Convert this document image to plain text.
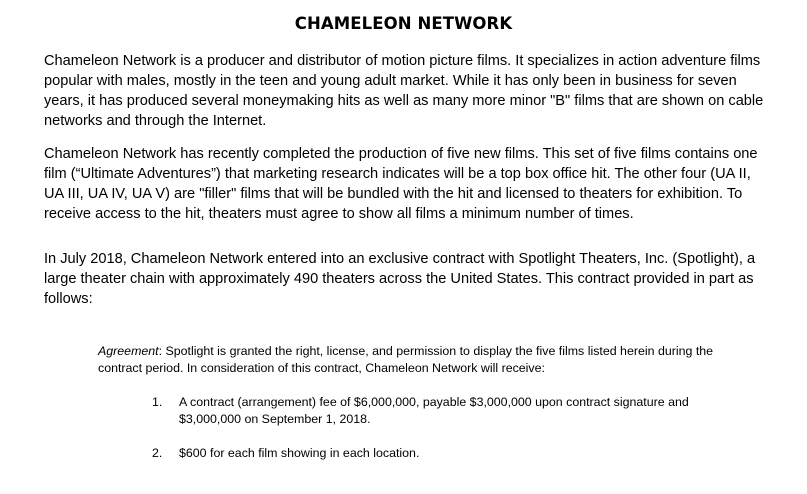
CHAMELEON NETWORK

Chameleon Network is a producer and distributor of motion picture films. It specializes in action adventure films popular with males, mostly in the teen and young adult market. While it has only been in business for seven years, it has produced several moneymaking hits as well as many more minor "B" films that are shown on cable networks and through the Internet.

Chameleon Network has recently completed the production of five new films. This set of five films contains one film (“Ultimate Adventures”) that marketing research indicates will be a top box office hit. The other four (UA II, UA III, UA IV, UA V) are "filler" films that will be bundled with the hit and licensed to theaters for exhibition. To receive access to the hit, theaters must agree to show all films a minimum number of times.

In July 2018, Chameleon Network entered into an exclusive contract with Spotlight Theaters, Inc. (Spotlight), a large theater chain with approximately 490 theaters across the United States. This contract provided in part as follows:

Agreement: Spotlight is granted the right, license, and permission to display the five films listed herein during the contract period. In consideration of this contract, Chameleon Network will receive:

1. A contract (arrangement) fee of $6,000,000, payable $3,000,000 upon contract signature and $3,000,000 on September 1, 2018.
2. $600 for each film showing in each location.
